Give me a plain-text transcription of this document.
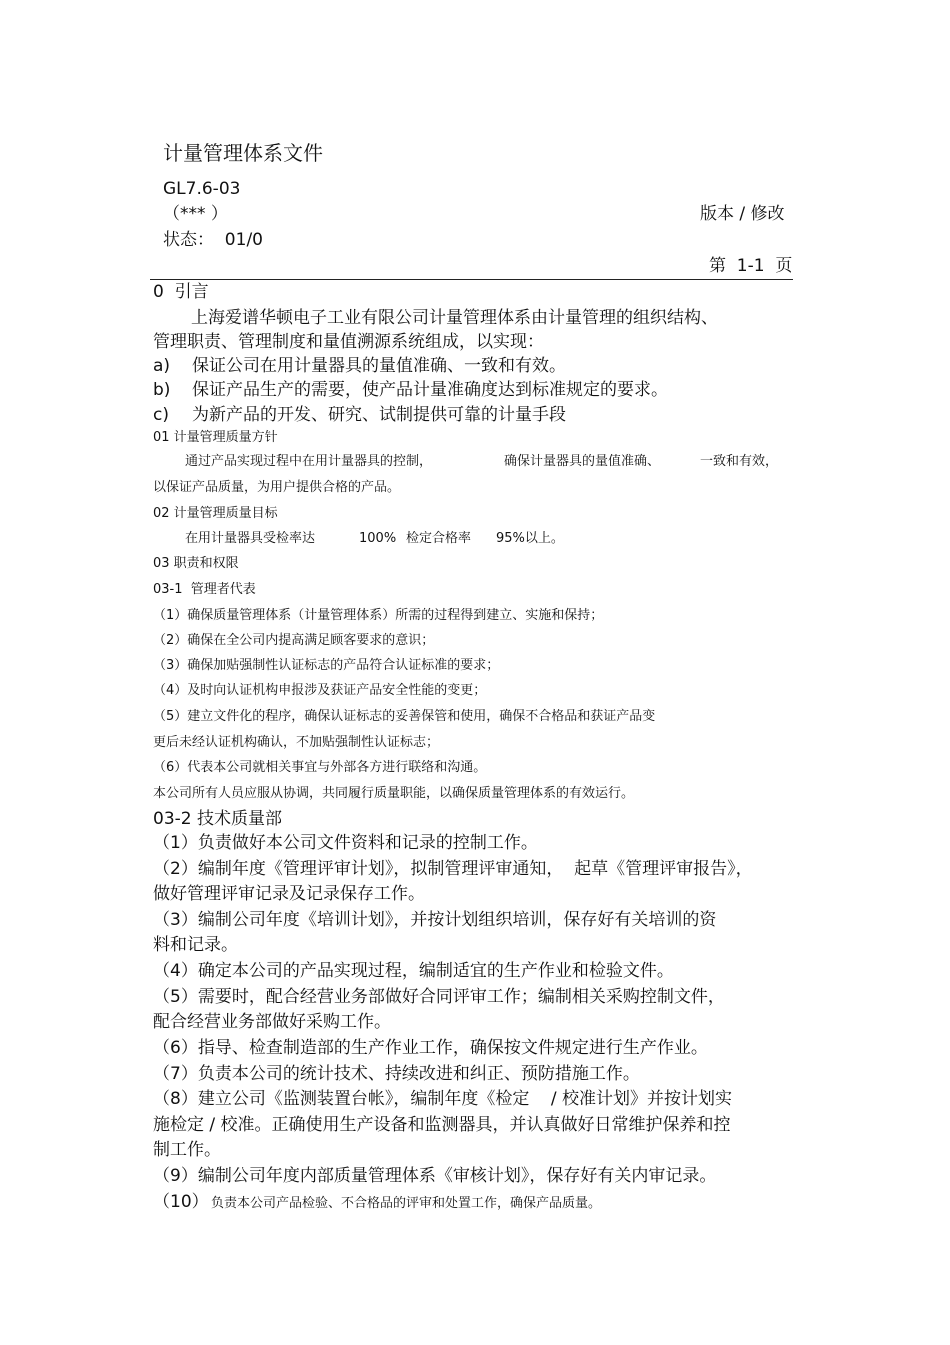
计量管理体系文件
GL7.6-03
（*** ）	版本 / 修改
状态：  01/0
第  1-1  页
0  引言
上海爱谱华顿电子工业有限公司计量管理体系由计量管理的组织结构、
管理职责、管理制度和量值溯源系统组成，以实现：
a) 保证公司在用计量器具的量值准确、一致和有效。
b) 保证产品生产的需要，使产品计量准确度达到标准规定的要求。
c) 为新产品的开发、研究、试制提供可靠的计量手段
01 计量管理质量方针
通过产品实现过程中在用计量器具的控制，	确保计量器具的量值准确、	一致和有效，
以保证产品质量，为用户提供合格的产品。
02 计量管理质量目标
在用计量器具受检率达	100% 检定合格率 95%以上。
03 职责和权限
03-1  管理者代表
（1）确保质量管理体系（计量管理体系）所需的过程得到建立、实施和保持；
（2）确保在全公司内提高满足顾客要求的意识；
（3）确保加贴强制性认证标志的产品符合认证标准的要求；
（4）及时向认证机构申报涉及获证产品安全性能的变更；
（5）建立文件化的程序，确保认证标志的妥善保管和使用，确保不合格品和获证产品变
更后未经认证机构确认，不加贴强制性认证标志；
（6）代表本公司就相关事宜与外部各方进行联络和沟通。
本公司所有人员应服从协调，共同履行质量职能，以确保质量管理体系的有效运行。
03-2 技术质量部
（1）负责做好本公司文件资料和记录的控制工作。
（2）编制年度《管理评审计划》，拟制管理评审通知，  起草《管理评审报告》，
做好管理评审记录及记录保存工作。
（3）编制公司年度《培训计划》，并按计划组织培训，保存好有关培训的资
料和记录。
（4）确定本公司的产品实现过程，编制适宜的生产作业和检验文件。
（5）需要时，配合经营业务部做好合同评审工作；编制相关采购控制文件，
配合经营业务部做好采购工作。
（6）指导、检查制造部的生产作业工作，确保按文件规定进行生产作业。
（7）负责本公司的统计技术、持续改进和纠正、预防措施工作。
（8）建立公司《监测装置台帐》，编制年度《检定    / 校准计划》并按计划实
施检定 / 校准。正确使用生产设备和监测器具，并认真做好日常维护保养和控
制工作。
（9）编制公司年度内部质量管理体系《审核计划》，保存好有关内审记录。
（10） 负责本公司产品检验、不合格品的评审和处置工作，确保产品质量。
